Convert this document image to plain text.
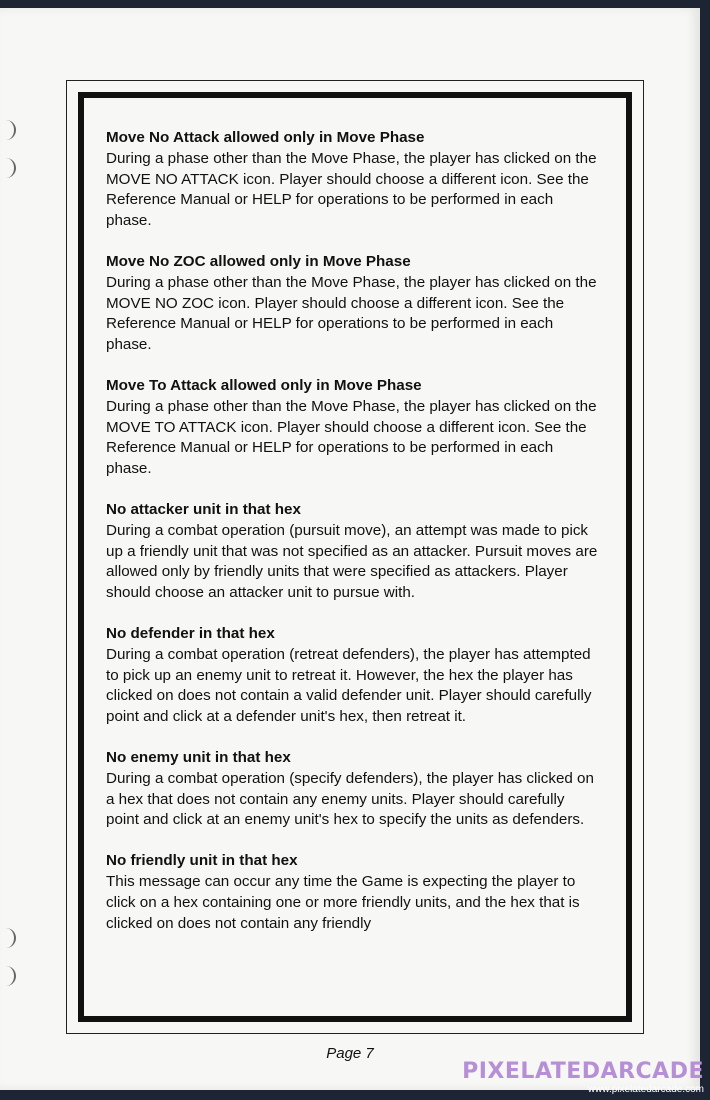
Move No Attack allowed only in Move Phase

During a phase other than the Move Phase, the player has clicked on the MOVE NO ATTACK icon. Player should choose a different icon. See the Reference Manual or HELP for operations to be performed in each phase.

Move No ZOC allowed only in Move Phase

During a phase other than the Move Phase, the player has clicked on the MOVE NO ZOC icon. Player should choose a different icon. See the Reference Manual or HELP for operations to be performed in each phase.

Move To Attack allowed only in Move Phase

During a phase other than the Move Phase, the player has clicked on the MOVE TO ATTACK icon. Player should choose a different icon. See the Reference Manual or HELP for operations to be performed in each phase.

No attacker unit in that hex

During a combat operation (pursuit move), an attempt was made to pick up a friendly unit that was not specified as an attacker. Pursuit moves are allowed only by friendly units that were specified as attackers. Player should choose an attacker unit to pursue with.

No defender in that hex

During a combat operation (retreat defenders), the player has attempted to pick up an enemy unit to retreat it. However, the hex the player has clicked on does not contain a valid defender unit. Player should carefully point and click at a defender unit's hex, then retreat it.

No enemy unit in that hex

During a combat operation (specify defenders), the player has clicked on a hex that does not contain any enemy units. Player should carefully point and click at an enemy unit's hex to specify the units as defenders.

No friendly unit in that hex

This message can occur any time the Game is expecting the player to click on a hex containing one or more friendly units, and the hex that is clicked on does not contain any friendly

Page 7
PIXELATEDARCADE
www.pixelatedarcade.com
